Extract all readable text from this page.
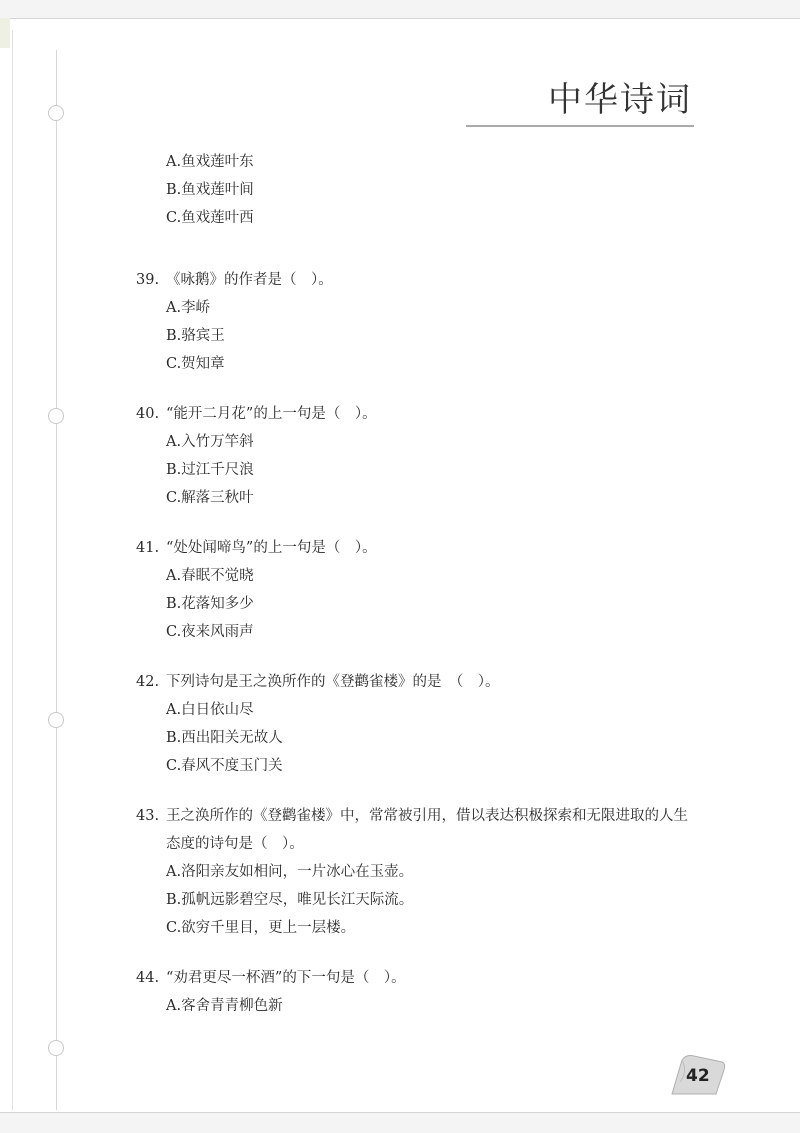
中华诗词
A.鱼戏莲叶东
B.鱼戏莲叶间
C.鱼戏莲叶西
39. 《咏鹅》的作者是（　）。
A.李峤
B.骆宾王
C.贺知章
40. “能开二月花”的上一句是（　）。
A.入竹万竿斜
B.过江千尺浪
C.解落三秋叶
41. “处处闻啼鸟”的上一句是（　）。
A.春眠不觉晓
B.花落知多少
C.夜来风雨声
42. 下列诗句是王之涣所作的《登鹳雀楼》的是　（　）。
A.白日依山尽
B.西出阳关无故人
C.春风不度玉门关
43. 王之涣所作的《登鹳雀楼》中，常常被引用，借以表达积极探索和无限进取的人生
态度的诗句是（　）。
A.洛阳亲友如相问，一片冰心在玉壶。
B.孤帆远影碧空尽，唯见长江天际流。
C.欲穷千里目，更上一层楼。
44. “劝君更尽一杯酒”的下一句是（　）。
A.客舍青青柳色新
42
